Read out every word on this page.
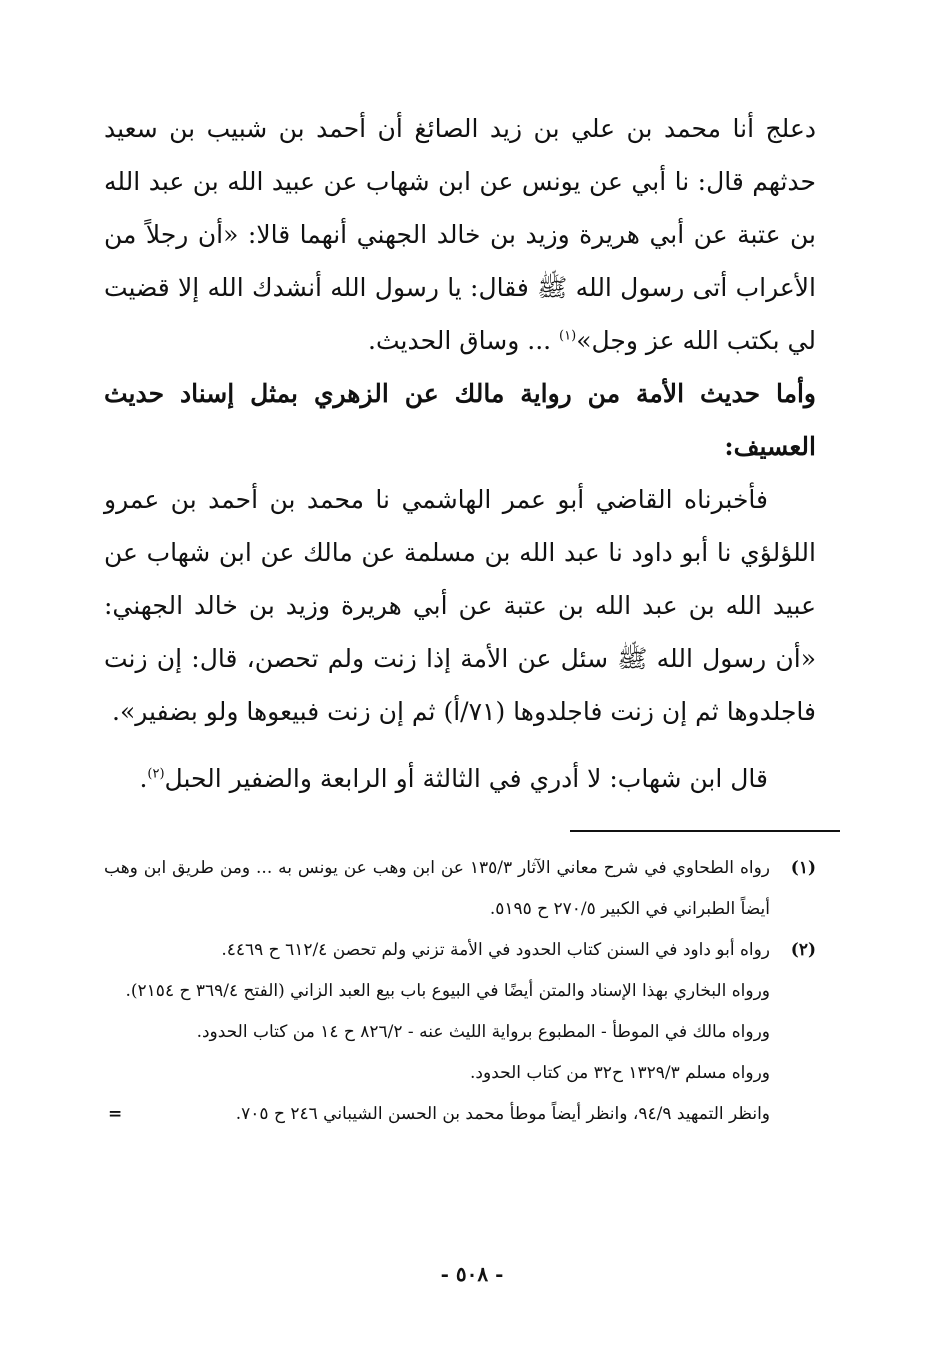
دعلج أنا محمد بن علي بن زيد الصائغ أن أحمد بن شبيب بن سعيد حدثهم قال: نا أبي عن يونس عن ابن شهاب عن عبيد الله بن عبد الله بن عتبة عن أبي هريرة وزيد بن خالد الجهني أنهما قالا: «أن رجلاً من الأعراب أتى رسول الله ﷺ فقال: يا رسول الله أنشدك الله إلا قضيت لي بكتب الله عز وجل»$^{(١)}$ ... وساق الحديث.

وأما حديث الأمة من رواية مالك عن الزهري بمثل إسناد حديث العسيف:

فأخبرناه القاضي أبو عمر الهاشمي نا محمد بن أحمد بن عمرو اللؤلؤي نا أبو داود نا عبد الله بن مسلمة عن مالك عن ابن شهاب عن عبيد الله بن عبد الله بن عتبة عن أبي هريرة وزيد بن خالد الجهني: «أن رسول الله ﷺ سئل عن الأمة إذا زنت ولم تحصن، قال: إن زنت فاجلدوها ثم إن زنت فاجلدوها (٧١/أ) ثم إن زنت فبيعوها ولو بضفير».

قال ابن شهاب: لا أدري في الثالثة أو الرابعة والضفير الحبل$^{(٢)}$.

(١)
رواه الطحاوي في شرح معاني الآثار ١٣٥/٣ عن ابن وهب عن يونس به ... ومن طريق ابن وهب أيضاً الطبراني في الكبير ٢٧٠/٥ ح ٥١٩٥.
(٢)
رواه أبو داود في السنن كتاب الحدود في الأمة تزني ولم تحصن ٦١٢/٤ ح ٤٤٦٩.
ورواه البخاري بهذا الإسناد والمتن أيضًا في البيوع باب بيع العبد الزاني (الفتح ٣٦٩/٤ ح ٢١٥٤).
ورواه مالك في الموطأ - المطبوع برواية الليث عنه - ٨٢٦/٢ ح ١٤ من كتاب الحدود.
ورواه مسلم ١٣٢٩/٣ ح٣٢ من كتاب الحدود.
وانظر التمهيد ٩٤/٩، وانظر أيضاً موطأ محمد بن الحسن الشيباني ٢٤٦ ح ٧٠٥.
=
- ٥٠٨ -
